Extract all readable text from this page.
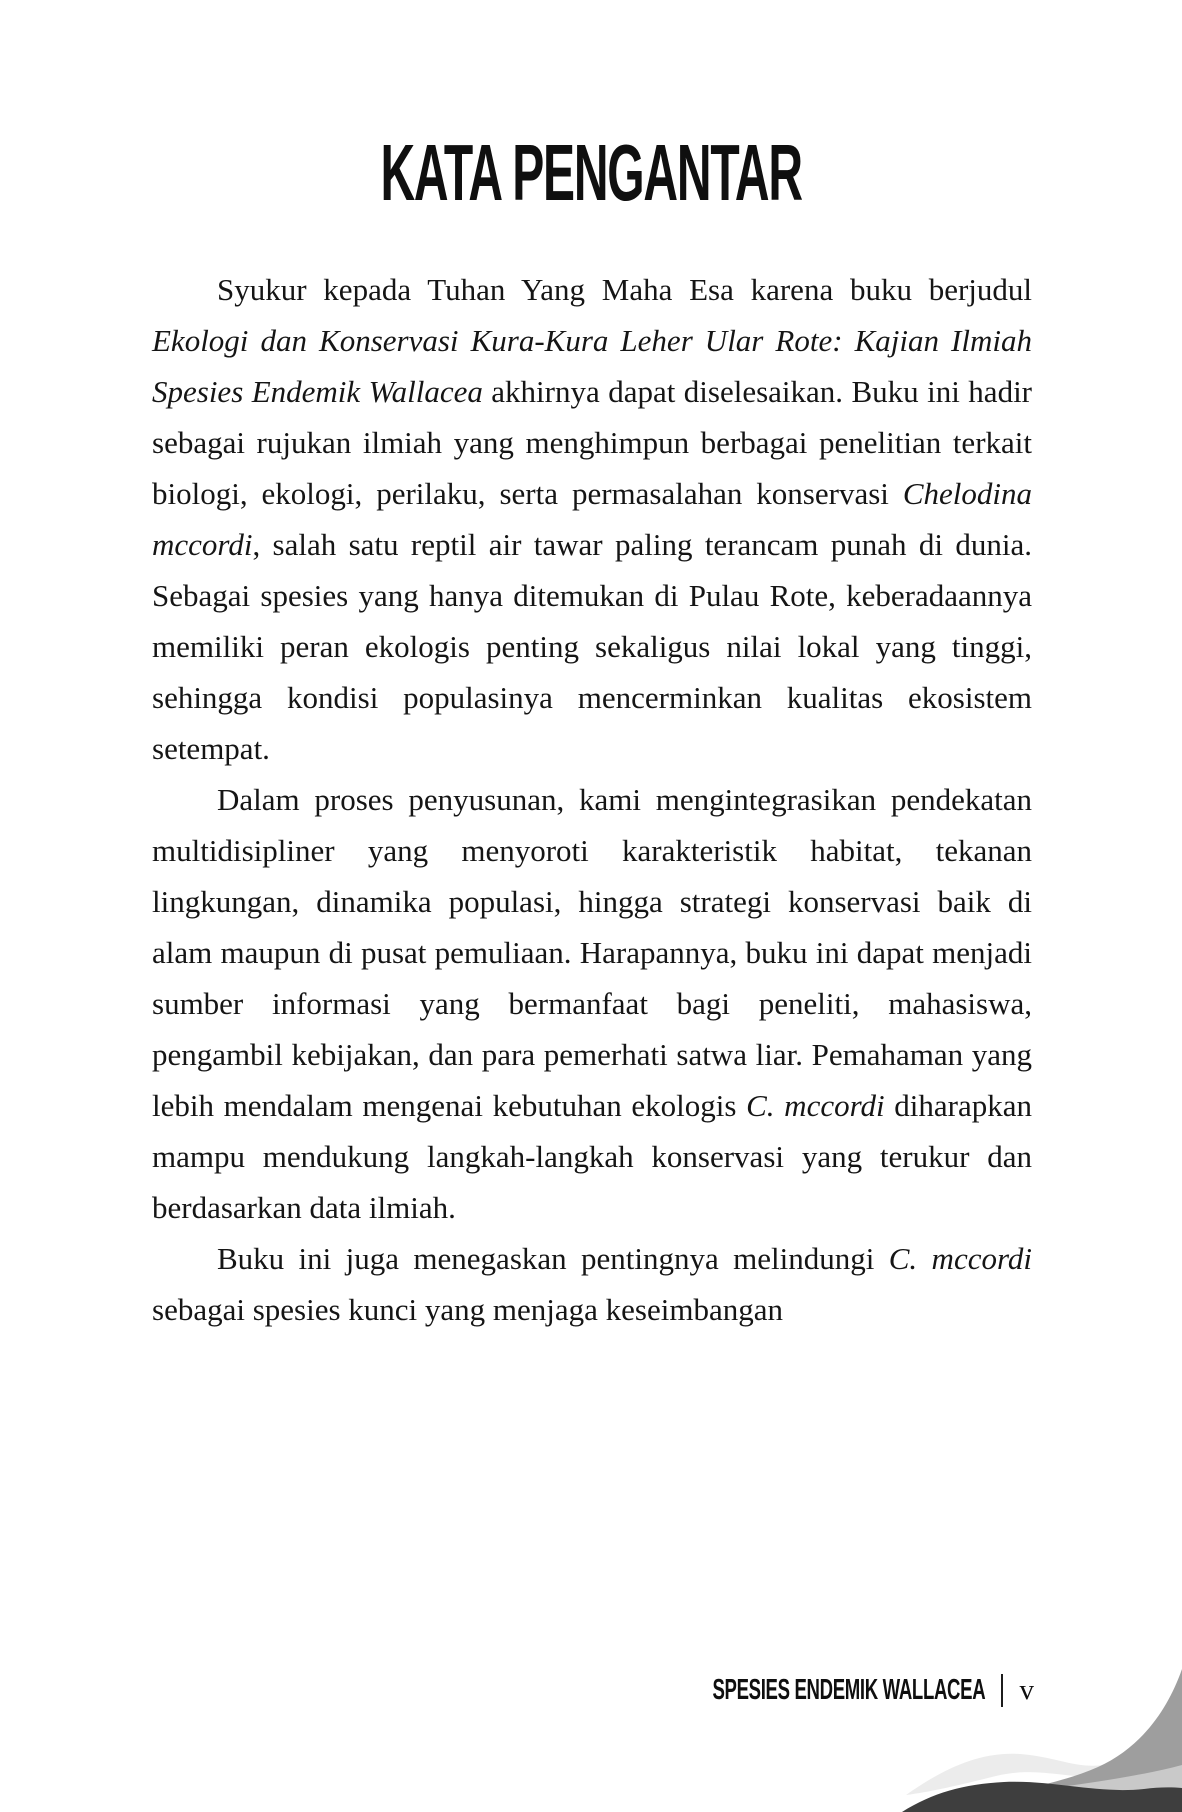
KATA PENGANTAR

Syukur kepada Tuhan Yang Maha Esa karena buku berjudul Ekologi dan Konservasi Kura-Kura Leher Ular Rote: Kajian Ilmiah Spesies Endemik Wallacea akhirnya dapat diselesaikan. Buku ini hadir sebagai rujukan ilmiah yang menghimpun berbagai penelitian terkait biologi, ekologi, perilaku, serta permasalahan konservasi Chelodina mccordi, salah satu reptil air tawar paling terancam punah di dunia. Sebagai spesies yang hanya ditemukan di Pulau Rote, keberadaannya memiliki peran ekologis penting sekaligus nilai lokal yang tinggi, sehingga kondisi populasinya mencerminkan kualitas ekosistem setempat.

Dalam proses penyusunan, kami mengintegrasikan pendekatan multidisipliner yang menyoroti karakteristik habitat, tekanan lingkungan, dinamika populasi, hingga strategi konservasi baik di alam maupun di pusat pemuliaan. Harapannya, buku ini dapat menjadi sumber informasi yang bermanfaat bagi peneliti, mahasiswa, pengambil kebijakan, dan para pemerhati satwa liar. Pemahaman yang lebih mendalam mengenai kebutuhan ekologis C. mccordi diharapkan mampu mendukung langkah-langkah konservasi yang terukur dan berdasarkan data ilmiah.

Buku ini juga menegaskan pentingnya melindungi C. mccordi sebagai spesies kunci yang menjaga keseimbangan

SPESIES ENDEMIK WALLACEA v
